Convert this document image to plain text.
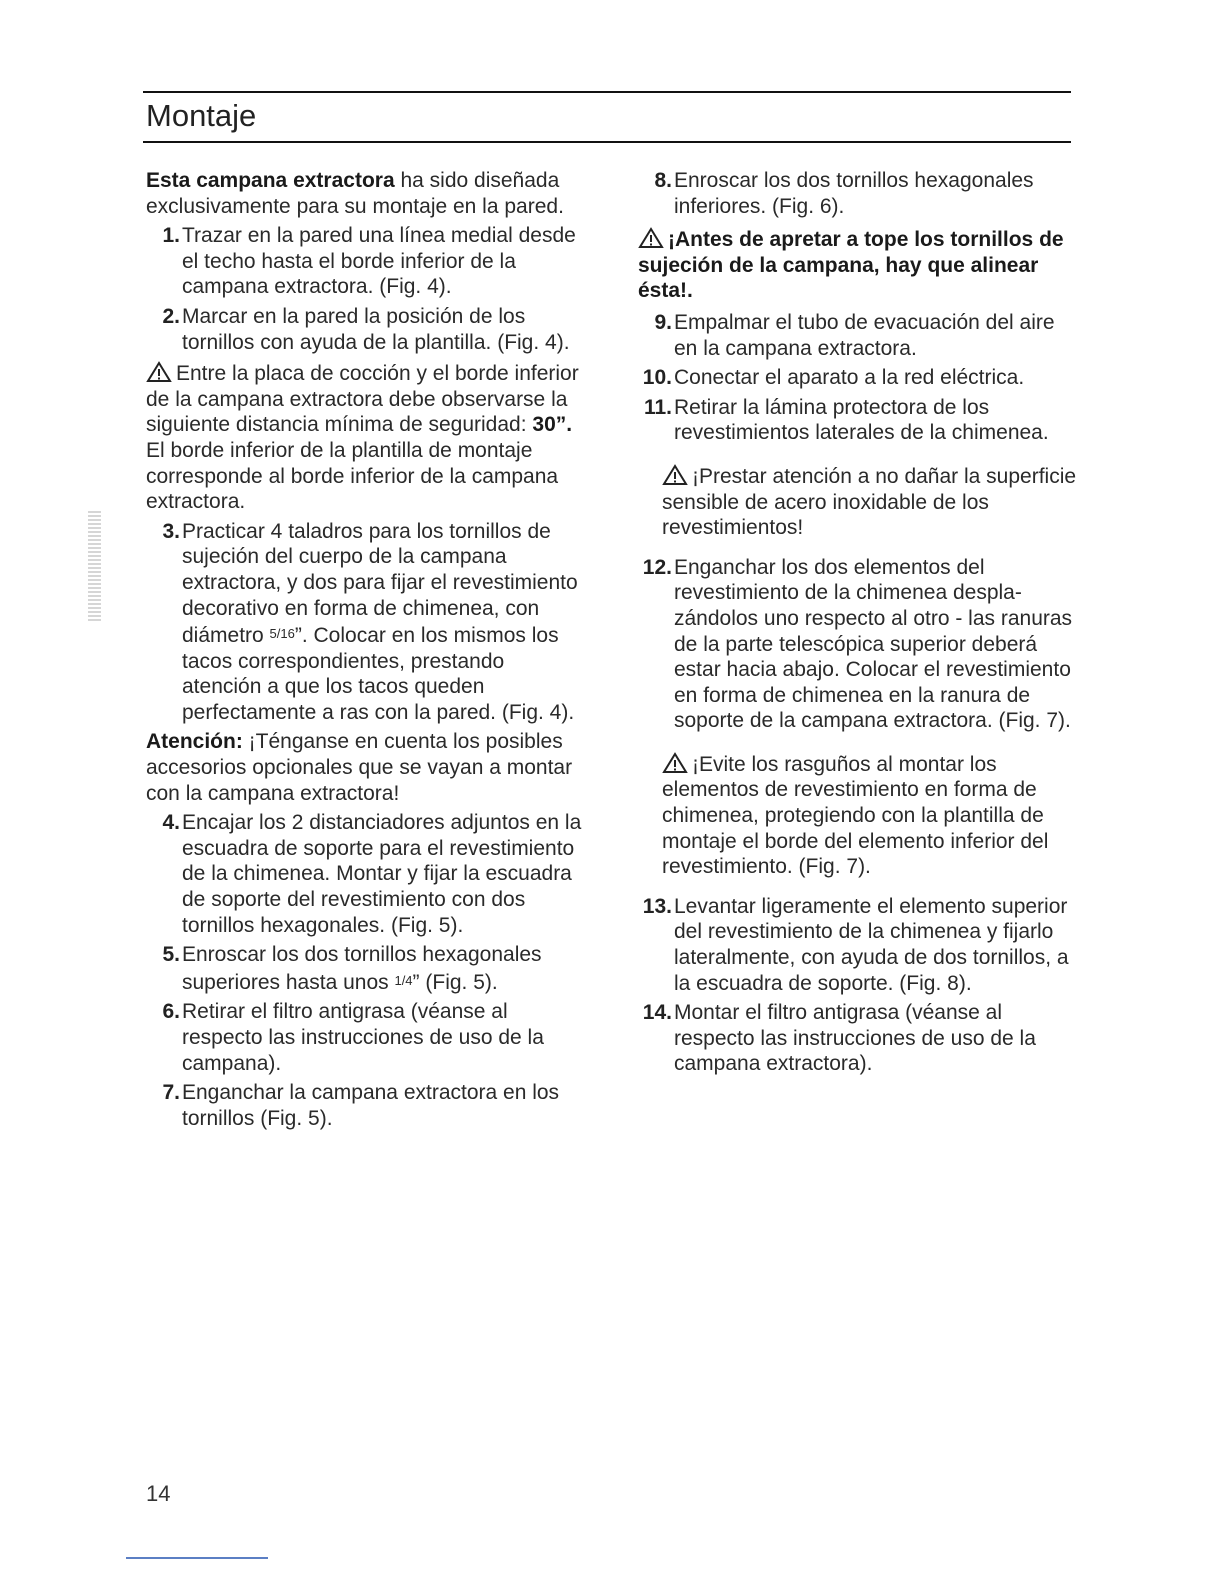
Montaje

Esta campana extractora ha sido diseñada exclusivamente para su montaje en la pared.

1. Trazar en la pared una línea medial desde el techo hasta el borde inferior de la campana extractora. (Fig. 4).
2. Marcar en la pared la posición de los tornillos con ayuda de la plantilla. (Fig. 4).

Entre la placa de cocción y el borde inferior de la campana extractora debe observarse la siguiente distancia mínima de seguridad: 30”.
El borde inferior de la plantilla de montaje corresponde al borde inferior de la campana extractora.

3. Practicar 4 taladros para los tornillos de sujeción del cuerpo de la campana extractora, y dos para fijar el revestimiento decorativo en forma de chimenea, con diámetro 5/16”. Colocar en los mismos los tacos correspondientes, prestando atención a que los tacos queden perfectamente a ras con la pared. (Fig. 4).

Atención: ¡Ténganse en cuenta los posibles accesorios opcionales que se vayan a montar con la campana extractora!

4. Encajar los 2 distanciadores adjuntos en la escuadra de soporte para el revestimiento de la chimenea. Montar y fijar la escuadra de soporte del revestimiento con dos tornillos hexagonales. (Fig. 5).
5. Enroscar los dos tornillos hexagonales superiores hasta unos 1/4” (Fig. 5).
6. Retirar el filtro antigrasa (véanse al respecto las instrucciones de uso de la campana).
7. Enganchar la campana extractora en los tornillos (Fig. 5).
8. Enroscar los dos tornillos hexagonales inferiores. (Fig. 6).

¡Antes de apretar a tope los tornillos de sujeción de la campana, hay que alinear ésta!.

9. Empalmar el tubo de evacuación del aire en la campana extractora.
10. Conectar el aparato a la red eléctrica.
11. Retirar la lámina protectora de los revestimientos laterales de la chimenea.

¡Prestar atención a no dañar la superficie sensible de acero inoxidable de los revestimientos!

12. Enganchar los dos elementos del revestimiento de la chimenea despla-zándolos uno respecto al otro - las ranuras de la parte telescópica superior deberá estar hacia abajo. Colocar el revestimiento en forma de chimenea en la ranura de soporte de la campana extractora. (Fig. 7).

¡Evite los rasguños al montar los elementos de revestimiento en forma de chimenea, protegiendo con la plantilla de montaje el borde del elemento inferior del revestimiento. (Fig. 7).

13. Levantar ligeramente el elemento superior del revestimiento de la chimenea y fijarlo lateralmente, con ayuda de dos tornillos, a la escuadra de soporte. (Fig. 8).
14. Montar el filtro antigrasa (véanse al respecto las instrucciones de uso de la campana extractora).
14
